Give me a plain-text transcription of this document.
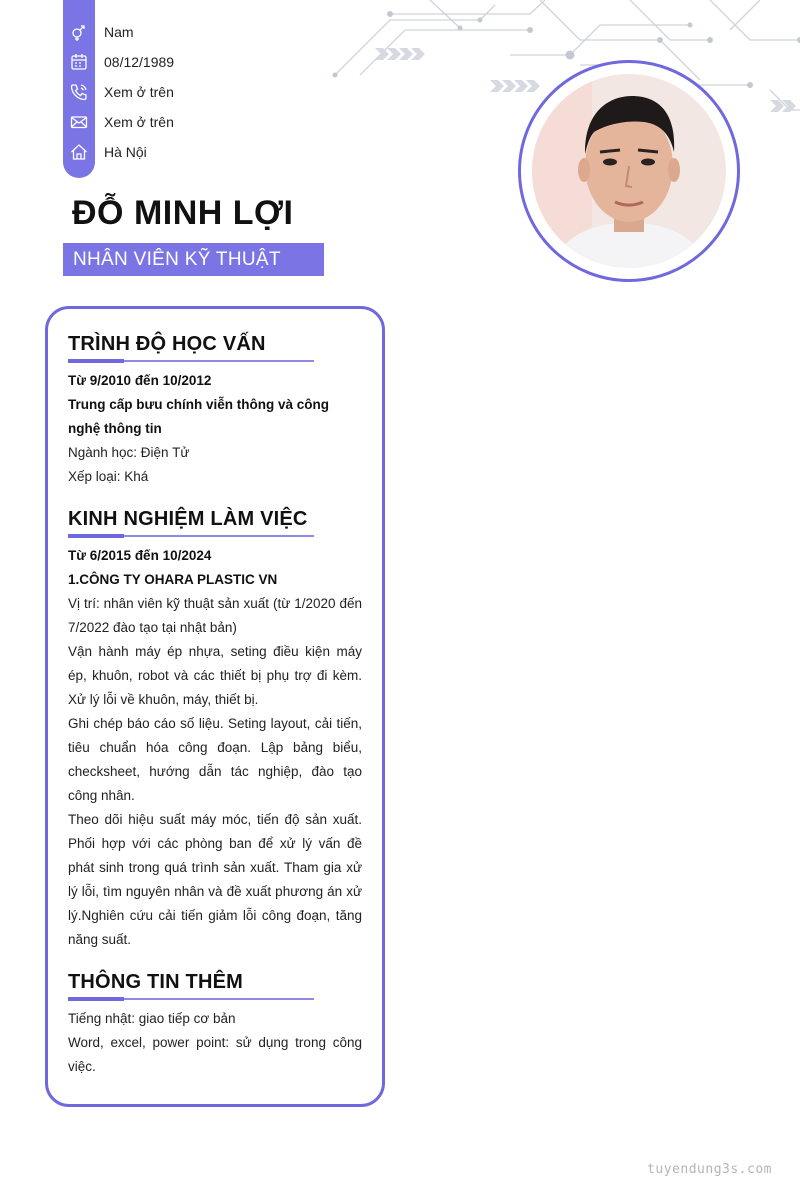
Nam
08/12/1989
Xem ở trên
Xem ở trên
Hà Nội
ĐỖ MINH LỢI
NHÂN VIÊN KỸ THUẬT
TRÌNH ĐỘ HỌC VẤN

Từ 9/2010 đến 10/2012

Trung cấp bưu chính viễn thông và công nghệ thông tin

Ngành học: Điện Tử

Xếp loại: Khá

KINH NGHIỆM LÀM VIỆC

Từ 6/2015 đến 10/2024

1.CÔNG TY OHARA PLASTIC VN

Vị trí: nhân viên kỹ thuật sản xuất (từ 1/2020 đến 7/2022 đào tạo tại nhật bản)

Vận hành máy ép nhựa, seting điều kiện máy ép, khuôn, robot và các thiết bị phụ trợ đi kèm. Xử lý lỗi về khuôn, máy, thiết bị.

Ghi chép báo cáo số liệu. Seting layout, cải tiến, tiêu chuẩn hóa công đoạn. Lập bảng biểu, checksheet, hướng dẫn tác nghiệp, đào tạo công nhân.

Theo dõi hiệu suất máy móc, tiến độ sản xuất. Phối hợp với các phòng ban để xử lý vấn đề phát sinh trong quá trình sản xuất. Tham gia xử lý lỗi, tìm nguyên nhân và đề xuất phương án xử lý.Nghiên cứu cải tiến giảm lỗi công đoạn, tăng năng suất.

THÔNG TIN THÊM

Tiếng nhật: giao tiếp cơ bản

Word, excel, power point: sử dụng trong công việc.

tuyendung3s.com
